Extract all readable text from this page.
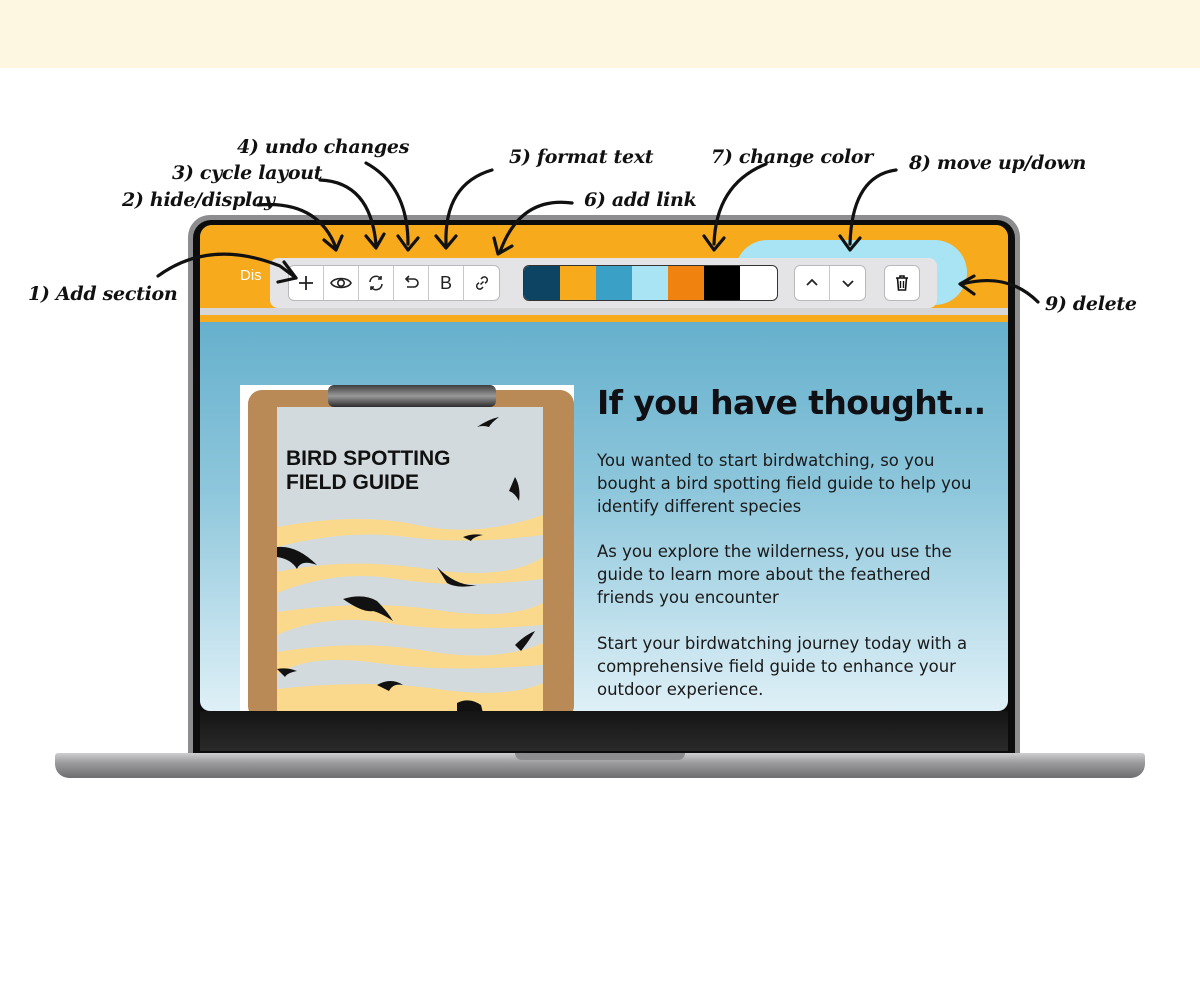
1) Add section
2) hide/display
3) cycle layout
4) undo changes	5) format text
6) add link
7) change color 8) move up/down
9) delete
Dis	B
BIRD SPOTTING
FIELD GUIDE
If you have thought…
You wanted to start birdwatching, so you bought a bird spotting field guide to help you identify different species
As you explore the wilderness, you use the guide to learn more about the feathered friends you encounter
Start your birdwatching journey today with a comprehensive field guide to enhance your outdoor experience.
